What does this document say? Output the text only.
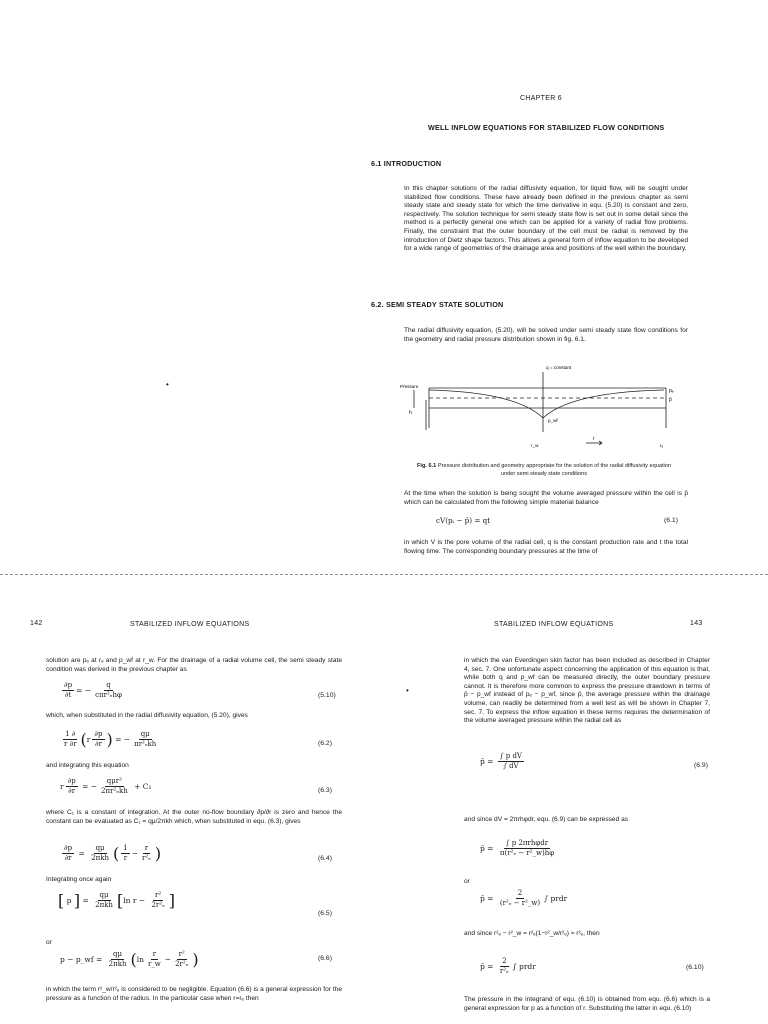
CHAPTER 6
WELL INFLOW EQUATIONS FOR STABILIZED FLOW CONDITIONS
6.1 INTRODUCTION

In this chapter solutions of the radial diffusivity equation, for liquid flow, will be sought under stabilized flow conditions. These have already been defined in the previous chapter as semi steady state and steady state for which the time derivative in equ. (5.20) is constant and zero, respectively. The solution technique for semi steady state flow is set out in some detail since the method is a perfectly general one which can be applied for a variety of radial flow problems. Finally, the constraint that the outer boundary of the cell must be radial is removed by the introduction of Dietz shape factors. This allows a general form of inflow equation to be developed for a wide range of geometries of the drainage area and positions of the well within the boundary.

6.2. SEMI STEADY STATE SOLUTION

The radial diffusivity equation, (5.20), will be solved under semi steady state flow conditions for the geometry and radial pressure distribution shown in fig. 6.1.

q = constant
Pressure
pₑ
p̄
p_wf
h
r_w
r
rₑ
Fig. 6.1 Pressure distribution and geometry appropriate for the solution of the radial diffusivity equation under semi steady state conditions

At the time when the solution is being sought the volume averaged pressure within the cell is p̄ which can be calculated from the following simple material balance

cV(pᵢ − p̄) = qt	(6.1)

in which V is the pore volume of the radial cell, q is the constant production rate and t the total flowing time. The corresponding boundary pressures at the time of

•
142	STABILIZED INFLOW EQUATIONS

solution are pₑ at rₑ and p_wf at r_w. For the drainage of a radial volume cell, the semi steady state condition was derived in the previous chapter as

$\frac{\partial p}{\partial t}$ = − $\frac{q}{\text{cπr²ₑhφ}}$	(5.10)

which, when substituted in the radial diffusivity equation, (5.20), gives

$\frac{1 \partial}{r \partial r}$ ( r $\frac{\partial p}{\partial r}$ ) = − $\frac{q\mu}{\text{πr²ₑkh}}$	(6.2)

and integrating this equation

r $\frac{\partial p}{\partial r}$ = − $\frac{\text{qμr²}}{\text{2πr²ₑkh}} + C_1$	(6.3)

where C₁ is a constant of integration. At the outer no-flow boundary ∂p/∂r is zero and hence the constant can be evaluated as C₁ = qμ/2πkh which, when substituted in equ. (6.3), gives

$\frac{\partial p}{\partial r} = \frac{q\mu}{\text{2πkh}}$ ( $\frac{1}{r} - \frac{r}{\text{r²ₑ}}$ )	(6.4)

Integrating once again

[ p ] = $\frac{q\mu}{\text{2πkh}}$ [ $\ln r - \frac{\text{r²}}{\text{2r²ₑ}}$ ]
(6.5)
or
p − p_wf = $\frac{q\mu}{\text{2πkh}}$ ( $\ln \frac{r}{r\_w} - \frac{\text{r²}}{\text{2r²ₑ}}$ )	(6.6)

in which the term r²_w/r²ₑ is considered to be negligible. Equation (6.6) is a general expression for the pressure as a function of the radius. In the particular case when r=rₑ then

STABILIZED INFLOW EQUATIONS	143
•

in which the van Everdingen skin factor has been included as described in Chapter 4, sec. 7. One unfortunate aspect concerning the application of this equation is that, while both q and p_wf can be measured directly, the outer boundary pressure cannot. It is therefore more common to express the pressure drawdown in terms of p̄ − p_wf instead of pₑ − p_wf, since p̄, the average pressure within the drainage volume, can readily be determined from a well test as will be shown in Chapter 7, sec. 7. To express the inflow equation in these terms requires the determination of the volume averaged pressure within the radial cell as

p̄ = $\frac{\text{∫ p dV}}{\int dV}$	(6.9)

and since dV = 2πrhφdr, equ. (6.9) can be expressed as

p̄ = $\frac{\text{∫ p 2πrhφdr}}{\text{π(r²ₑ − r²\_w)hφ}}$
or
p̄ = $\frac{2}{\text{(r²ₑ − r²\_w)}}$ ∫ prdr

and since r²ₑ − r²_w = r²ₑ(1−r²_w/r²ₑ) ≈ r²ₑ, then

p̄ = $\frac{2}{\text{r²ₑ}}$ ∫ prdr	(6.10)

The pressure in the integrand of equ. (6.10) is obtained from equ. (6.6) which is a general expression for p as a function of r. Substituting the latter in equ. (6.10)
